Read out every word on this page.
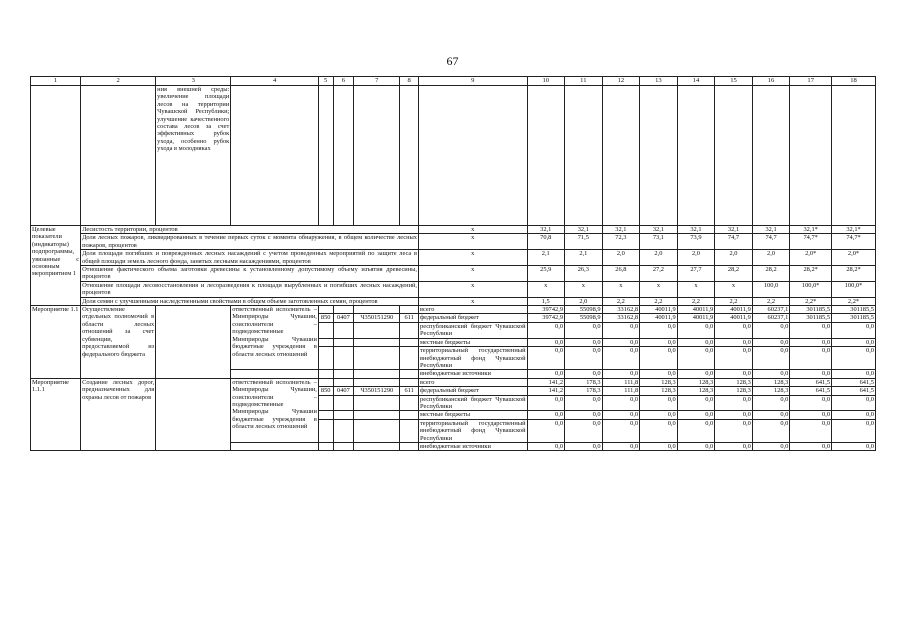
67
1	2	3	4	5	6	7	8	9	10	11	12	13	14	15	16	17	18
		ния внешней среды: увеличение площади лесов на территории Чувашской Республики; улучшение качественного состава лесов за счет эффективных рубок ухода, особенно рубок ухода в молодняках															
Целевые показатели (индикаторы) подпрограммы, увязанные с основным мероприятием 1	Лесистость территории, процентов							х	32,1	32,1	32,1	32,1	32,1	32,1	32,1	32,1*	32,1*
	Доля лесных пожаров, ликвидированных в течение первых суток с момента обнаружения, в общем количестве лесных пожаров, процентов							х	70,8	71,5	72,3	73,1	73,9	74,7	74,7	74,7*	74,7*
	Доля площади погибших и поврежденных лесных насаждений с учетом проведенных мероприятий по защите леса в общей площади земель лесного фонда, занятых лесными насаждениями, процентов							х	2,1	2,1	2,0	2,0	2,0	2,0	2,0	2,0*	2,0*
	Отношение фактического объема заготовки древесины к установленному допустимому объему изъятия древесины, процентов							х	25,9	26,3	26,8	27,2	27,7	28,2	28,2	28,2*	28,2*
	Отношение площади лесовосстановления и лесоразведения к площади вырубленных и погибших лесных насаждений, процентов							х	х	х	х	х	х	х	100,0	100,0*	100,0*
	Доля семян с улучшенными наследственными свойствами в общем объеме заготовленных семян, процентов							х	1,5	2,0	2,2	2,2	2,2	2,2	2,2	2,2*	2,2*
Мероприятие 1.1	Осуществление отдельных полномочий в области лесных отношений за счет субвенции, предоставляемой из федерального бюджета		ответственный исполнитель – Минприроды Чувашии, соисполнители – подведомственные Минприроды Чувашии бюджетные учреждения в области лесных отношений					всего	39742,9	55098,9	33162,8	40011,9	40011,9	40011,9	60237,1	301185,5	301185,5
				850	0407	Ч350151290	611	федеральный бюджет	39742,9	55098,9	33162,8	40011,9	40011,9	40011,9	60237,1	301185,5	301185,5
								республиканский бюджет Чувашской Республики	0,0	0,0	0,0	0,0	0,0	0,0	0,0	0,0	0,0
								местные бюджеты	0,0	0,0	0,0	0,0	0,0	0,0	0,0	0,0	0,0
								территориальный государственный внебюджетный фонд Чувашской Республики	0,0	0,0	0,0	0,0	0,0	0,0	0,0	0,0	0,0
								внебюджетные источники	0,0	0,0	0,0	0,0	0,0	0,0	0,0	0,0	0,0
Мероприятие 1.1.1	Создание лесных дорог, предназначенных для охраны лесов от пожаров		ответственный исполнитель – Минприроды Чувашии, соисполнители – подведомственные Минприроды Чувашии бюджетные учреждения в области лесных отношений					всего	141,2	178,3	111,8	128,3	128,3	128,3	128,3	641,5	641,5
				850	0407	Ч350151290	611	федеральный бюджет	141,2	178,3	111,8	128,3	128,3	128,3	128,3	641,5	641,5
								республиканский бюджет Чувашской Республики	0,0	0,0	0,0	0,0	0,0	0,0	0,0	0,0	0,0
								местные бюджеты	0,0	0,0	0,0	0,0	0,0	0,0	0,0	0,0	0,0
								территориальный государственный внебюджетный фонд Чувашской Республики	0,0	0,0	0,0	0,0	0,0	0,0	0,0	0,0	0,0
								внебюджетные источники	0,0	0,0	0,0	0,0	0,0	0,0	0,0	0,0	0,0
